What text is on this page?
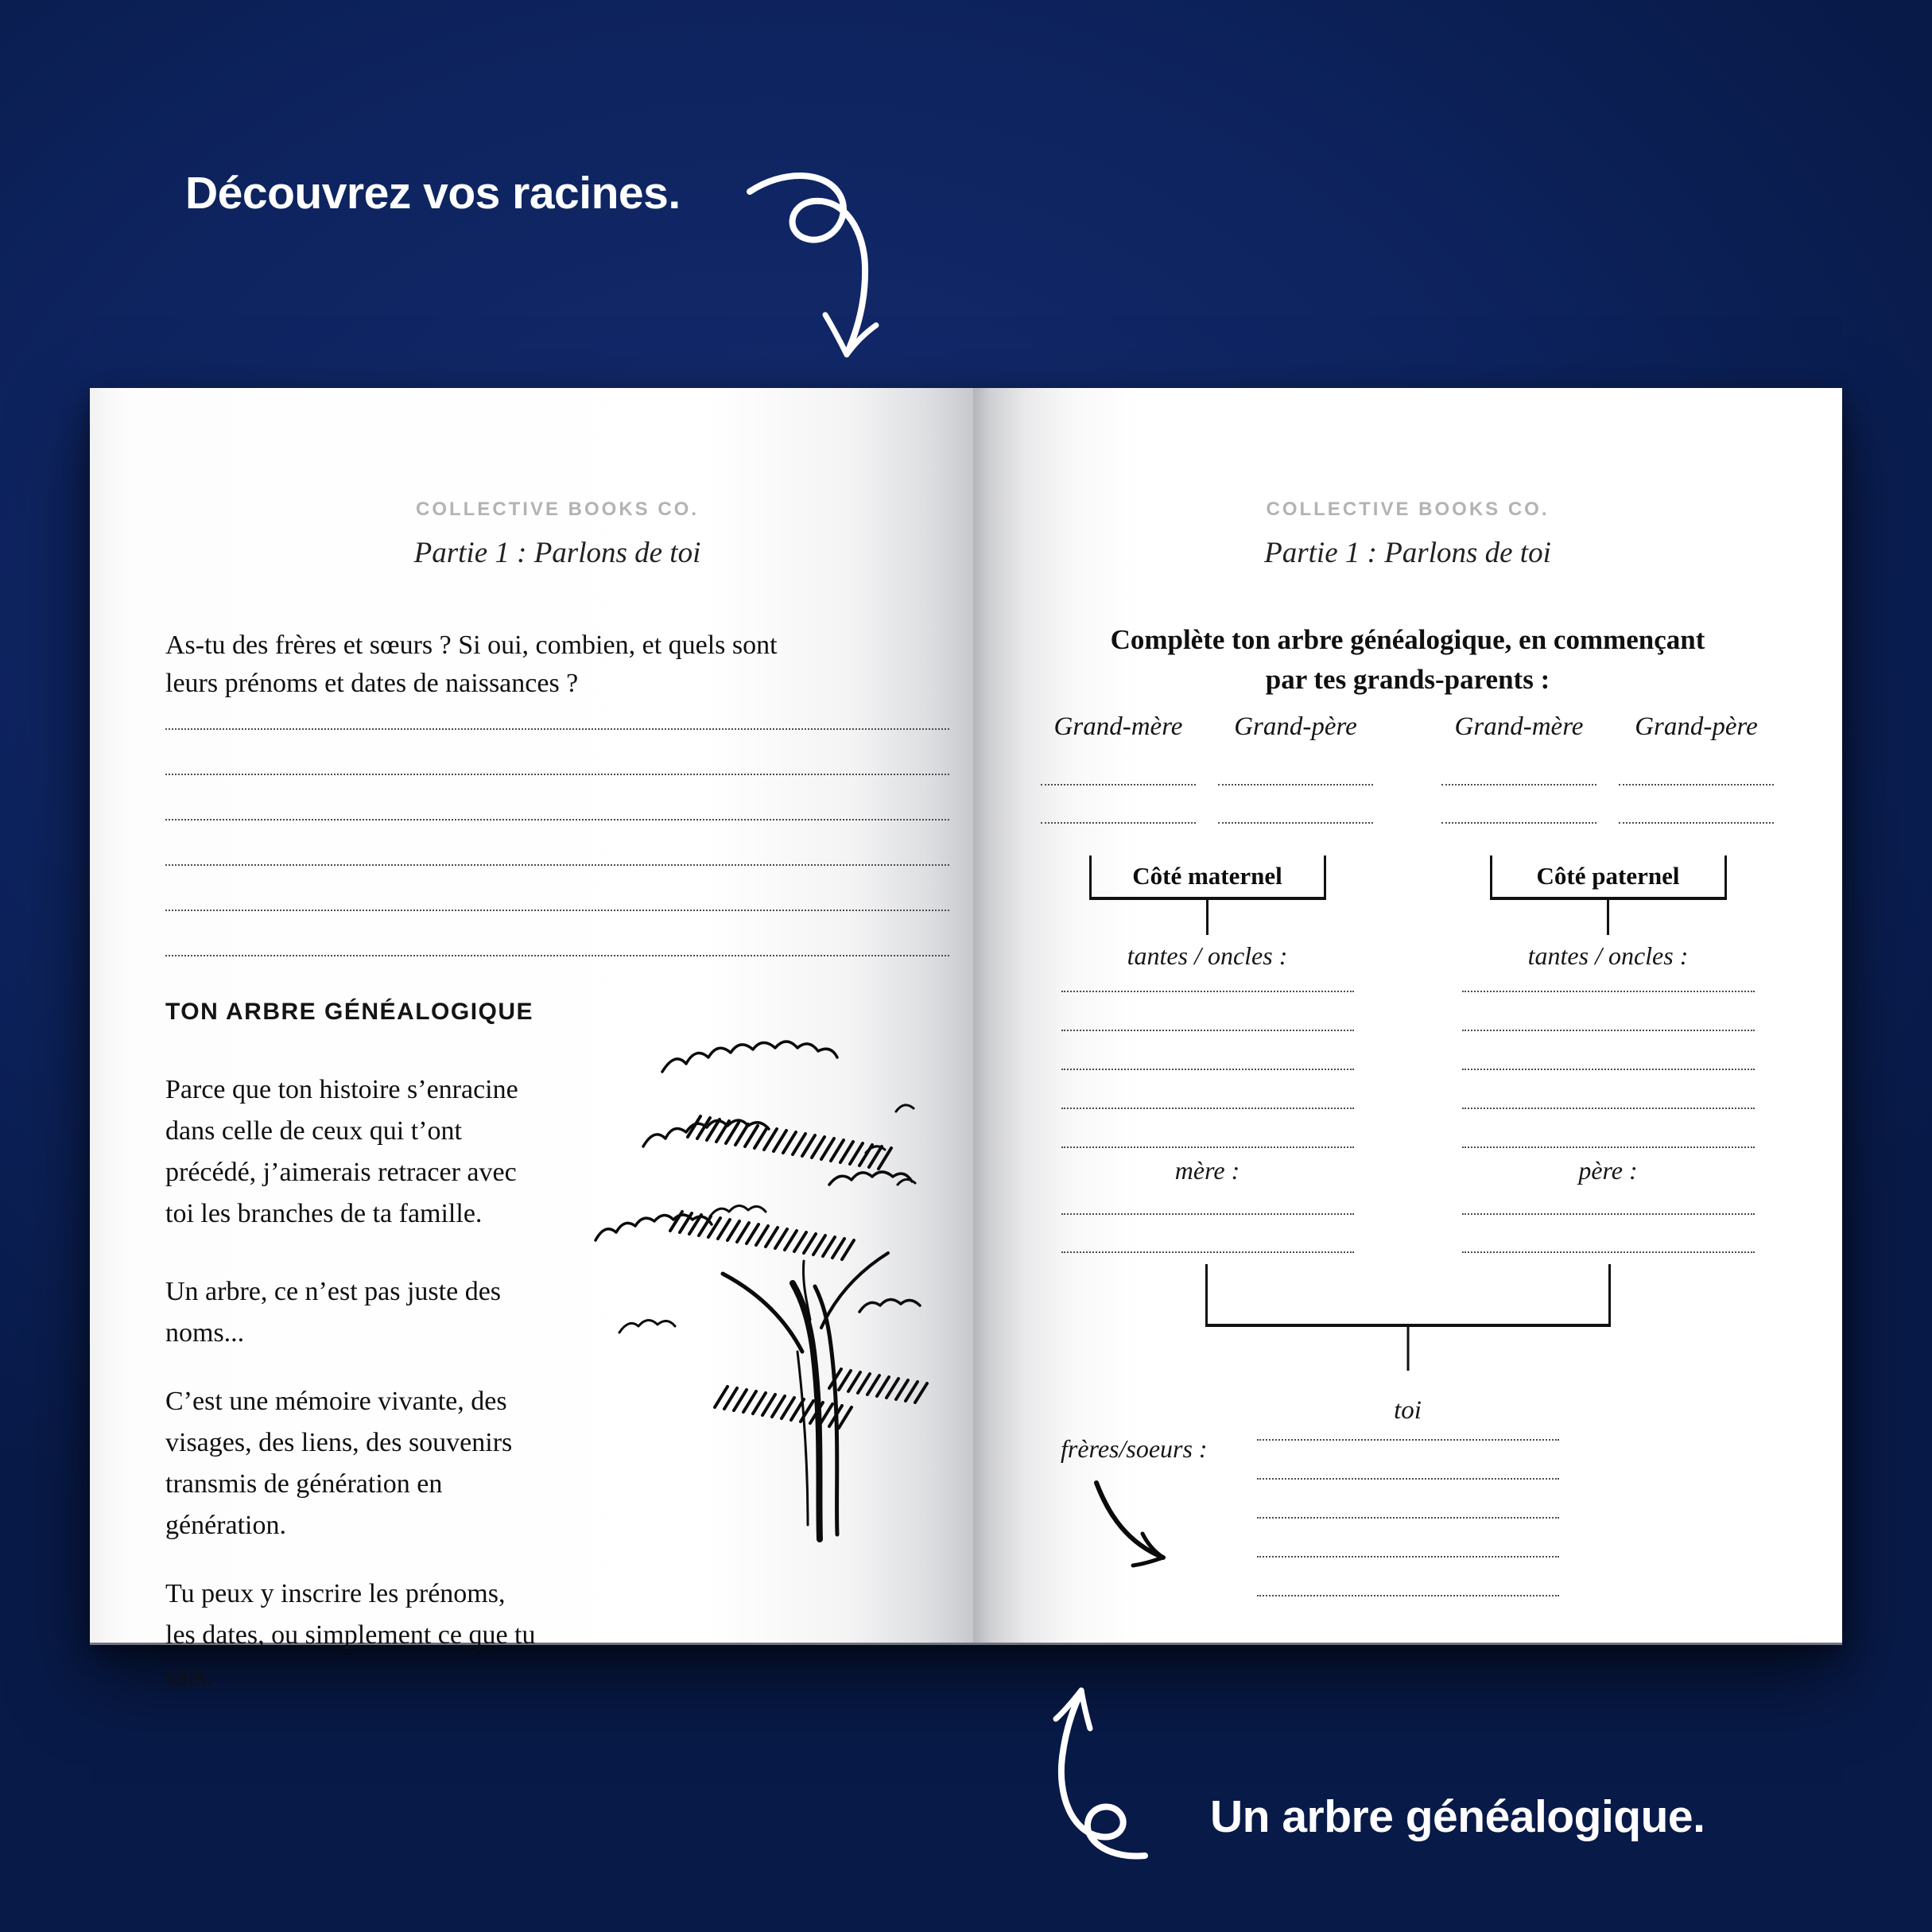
Découvrez vos racines.
COLLECTIVE BOOKS CO.
Partie 1 : Parlons de toi

As-tu des frères et sœurs ? Si oui, combien, et quels sont leurs prénoms et dates de naissances ?

TON ARBRE GÉNÉALOGIQUE

Parce que ton histoire s’enracine dans celle de ceux qui t’ont précédé, j’aimerais retracer avec toi les branches de ta famille.

Un arbre, ce n’est pas juste des noms...

C’est une mémoire vivante, des visages, des liens, des souvenirs transmis de génération en génération.

Tu peux y inscrire les prénoms, les dates, ou simplement ce que tu sais.

COLLECTIVE BOOKS CO.
Partie 1 : Parlons de toi

Complète ton arbre généalogique, en commençant par tes grands-parents :

Grand-mère	Grand-père	Grand-mère	Grand-père
Côté maternel
tantes / oncles :
mère :
Côté paternel
tantes / oncles :
père :
toi
frères/soeurs :
Un arbre généalogique.
